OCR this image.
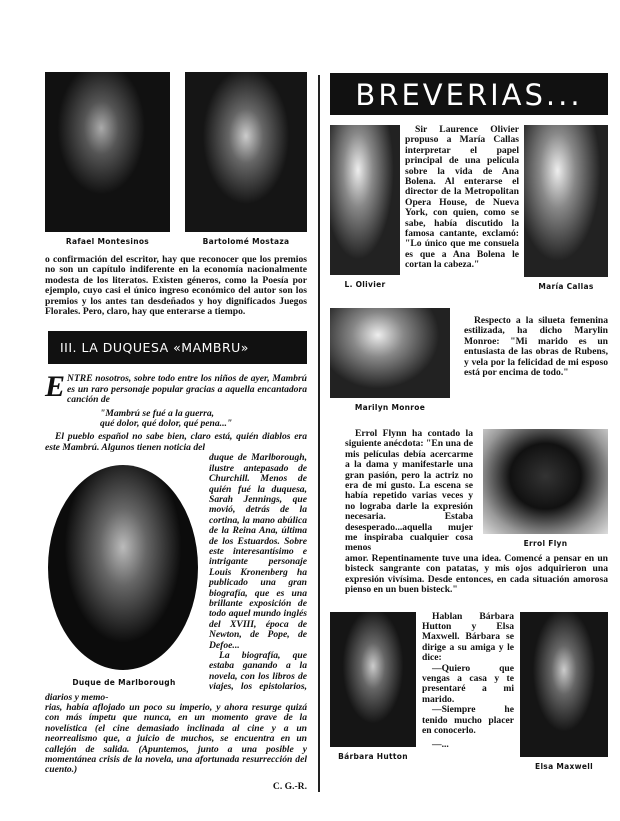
Rafael Montesinos	Bartolomé Mostaza
o confirmación del escritor, hay que reconocer que los premios no son un capítulo indiferente en la economía nacionalmente modesta de los literatos. Existen géneros, como la Poesía por ejemplo, cuyo casi el único ingreso económico del autor son los premios y los antes tan desdeñados y hoy dignificados Juegos Florales. Pero, claro, hay que enterarse a tiempo.
III. LA DUQUESA «MAMBRU»
ENTRE nosotros, sobre todo entre los niños de ayer, Mambrú es un raro personaje popular gracias a aquella encantadora canción de
"Mambrú se fué a la guerra,
qué dolor, qué dolor, qué pena..."
El pueblo español no sabe bien, claro está, quién diablos era este Mambrú. Algunos tienen noticia del
Duque de Marlborough
duque de Marlborough, ilustre antepasado de Churchill. Menos de quién fué la duquesa, Sarah Jennings, que movió, detrás de la cortina, la mano abúlica de la Reina Ana, última de los Estuardos. Sobre este interesantísimo e intrigante personaje Louis Kronenberg ha publicado una gran biografía, que es una brillante exposición de todo aquel mundo inglés del XVIII, época de Newton, de Pope, de Defoe...
La biografía, que estaba ganando a la novela, con los libros de viajes, los epistolarios, diarios y memo-
rias, había aflojado un poco su imperio, y ahora resurge quizá con más ímpetu que nunca, en un momento grave de la novelística (el cine demasiado inclinada al cine y a un neorrealismo que, a juicio de muchos, se encuentra en un callejón de salida. (Apuntemos, junto a una posible y momentánea crisis de la novela, una afortunada resurrección del cuento.)
C. G.-R.
BREVERIAS...
L. Olivier
Sir Laurence Olivier propuso a María Callas interpretar el papel principal de una película sobre la vida de Ana Bolena. Al enterarse el director de la Metropolitan Opera House, de Nueva York, con quien, como se sabe, había discutido la famosa cantante, exclamó: "Lo único que me consuela es que a Ana Bolena le cortan la cabeza."
María Callas
Marilyn Monroe
Respecto a la silueta femenina estilizada, ha dicho Marylin Monroe: "Mi marido es un entusiasta de las obras de Rubens, y vela por la felicidad de mi esposo está por encima de todo."
Errol Flyn
Errol Flynn ha contado la siguiente anécdota: "En una de mis películas debía acercarme a la dama y manifestarle una gran pasión, pero la actriz no era de mi gusto. La escena se había repetido varias veces y no lograba darle la expresión necesaria. Estaba desesperado...aquella mujer me inspiraba cualquier cosa menos
amor. Repentinamente tuve una idea. Comencé a pensar en un bisteck sangrante con patatas, y mis ojos adquirieron una expresión vivísima. Desde entonces, en cada situación amorosa pienso en un buen bisteck."
Bárbara Hutton
Hablan Bárbara Hutton y Elsa Maxwell. Bárbara se dirige a su amiga y le dice:
—Quiero que vengas a casa y te presentaré a mi marido.
—Siempre he tenido mucho placer en conocerlo.
—...
Elsa Maxwell
